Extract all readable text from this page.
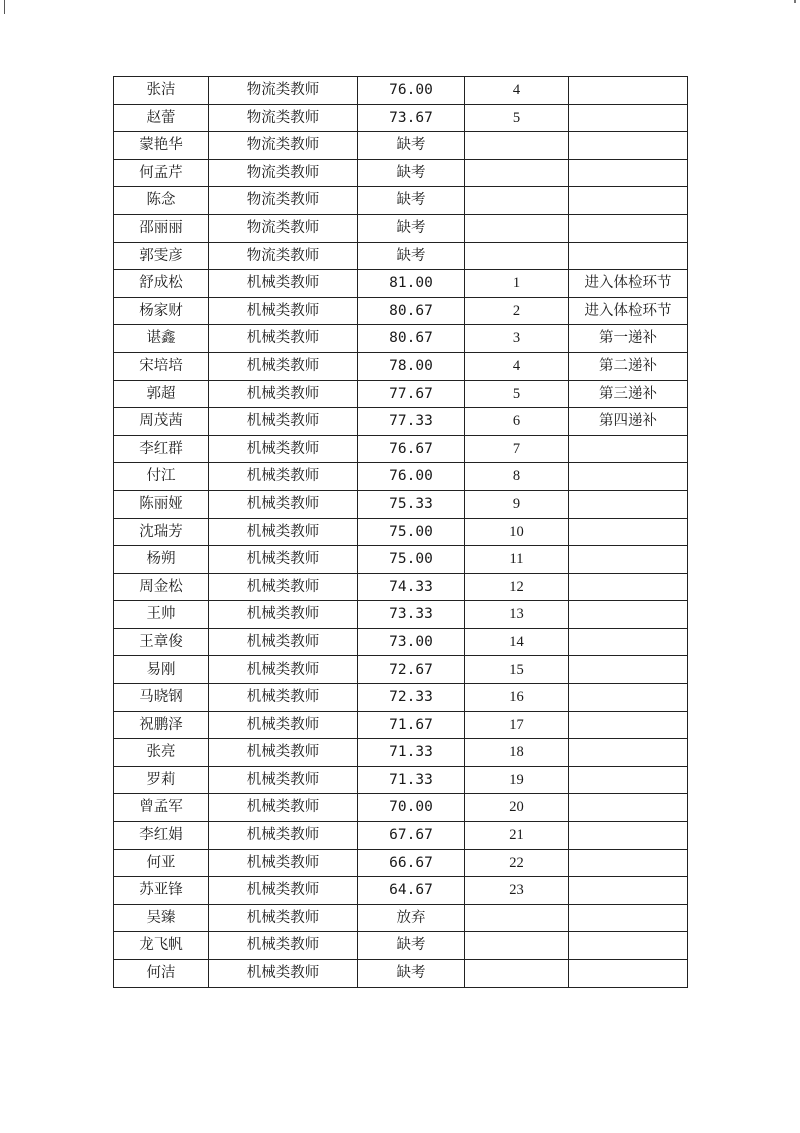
张洁	物流类教师	76.00	4	
赵蕾	物流类教师	73.67	5	
蒙艳华	物流类教师	缺考		
何孟芹	物流类教师	缺考		
陈念	物流类教师	缺考		
邵丽丽	物流类教师	缺考		
郭雯彦	物流类教师	缺考		
舒成松	机械类教师	81.00	1	进入体检环节
杨家财	机械类教师	80.67	2	进入体检环节
谌鑫	机械类教师	80.67	3	第一递补
宋培培	机械类教师	78.00	4	第二递补
郭超	机械类教师	77.67	5	第三递补
周茂茜	机械类教师	77.33	6	第四递补
李红群	机械类教师	76.67	7	
付江	机械类教师	76.00	8	
陈丽娅	机械类教师	75.33	9	
沈瑞芳	机械类教师	75.00	10	
杨朔	机械类教师	75.00	11	
周金松	机械类教师	74.33	12	
王帅	机械类教师	73.33	13	
王章俊	机械类教师	73.00	14	
易刚	机械类教师	72.67	15	
马晓钢	机械类教师	72.33	16	
祝鹏泽	机械类教师	71.67	17	
张亮	机械类教师	71.33	18	
罗莉	机械类教师	71.33	19	
曾孟军	机械类教师	70.00	20	
李红娟	机械类教师	67.67	21	
何亚	机械类教师	66.67	22	
苏亚锋	机械类教师	64.67	23	
吴臻	机械类教师	放弃		
龙飞帆	机械类教师	缺考		
何洁	机械类教师	缺考		
